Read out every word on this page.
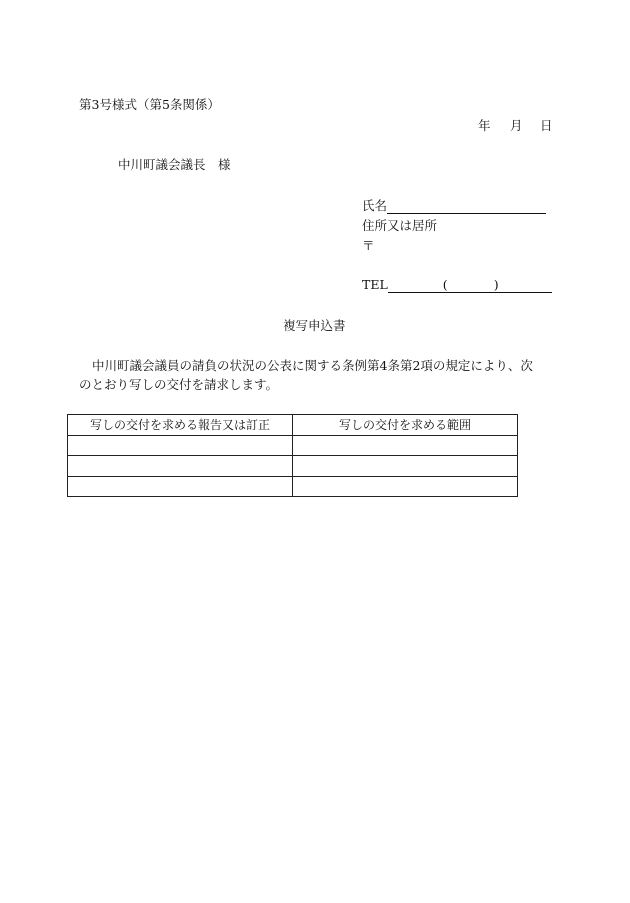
第3号様式（第5条関係）
年 月 日
中川町議会議長　様
氏名
住所又は居所
〒
TEL	(	)
複写申込書
中川町議会議員の請負の状況の公表に関する条例第4条第2項の規定により、次
のとおり写しの交付を請求します。
写しの交付を求める報告又は訂正	写しの交付を求める範囲
